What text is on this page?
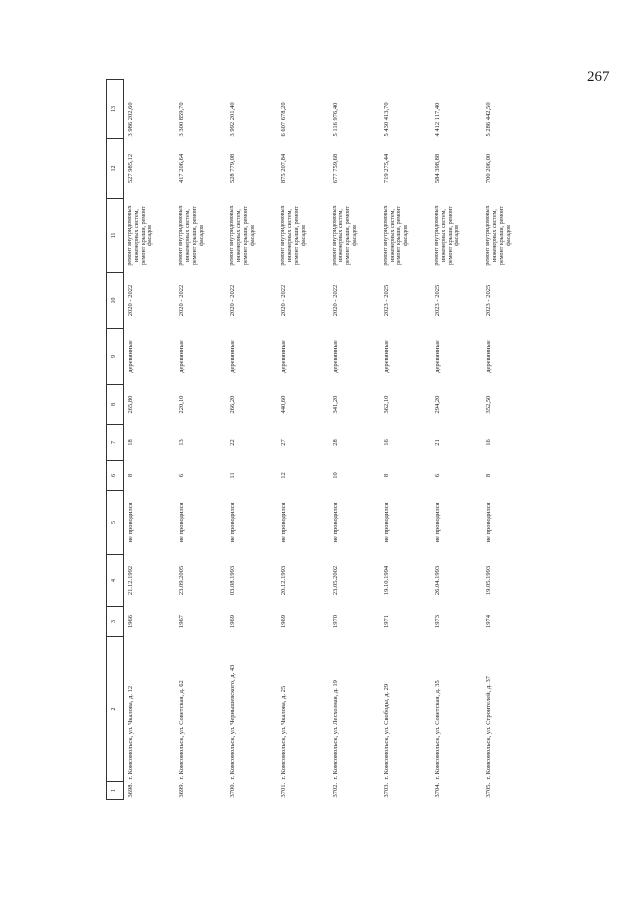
267
1	2	3	4	5	6	7	8	9	10	11	12	13
3698.	г. Комсомольск, ул. Чкалова, д. 12	1966	21.12.1992	не проводился	8	18	265,80	деревянные	2020 - 2022	ремонт внутридомовых инженерных систем, ремонт крыши, ремонт фасадов	527 985,12	3 986 202,60
3699.	г. Комсомольск, ул. Советская, д. 62	1967	23.09.2005	не проводился	6	13	220,10	деревянные	2020 - 2022	ремонт внутридомовых инженерных систем, ремонт крыши, ремонт фасадов	417 206,64	3 300 859,70
3700.	г. Комсомольск, ул. Чернышевского, д. 43	1969	03.08.1993	не проводился	11	22	266,20	деревянные	2020 - 2022	ремонт внутридомовых инженерных систем, ремонт крыши, ремонт фасадов	528 779,08	3 992 201,40
3701.	г. Комсомольск, ул. Чкалова, д. 25	1969	20.12.1993	не проводился	12	27	440,60	деревянные	2020 - 2022	ремонт внутридомовых инженерных систем, ремонт крыши, ремонт фасадов	875 207,84	6 607 678,20
3702.	г. Комсомольск, ул. Лесхозная, д. 19	1970	23.05.2002	не проводился	10	28	341,20	деревянные	2020 - 2022	ремонт внутридомовых инженерных систем, ремонт крыши, ремонт фасадов	677 759,68	5 116 976,40
3703.	г. Комсомольск, ул. Свободы, д. 29	1971	19.10.1994	не проводился	8	16	362,10	деревянные	2023 - 2025	ремонт внутридомовых инженерных систем, ремонт крыши, ремонт фасадов	719 275,44	5 430 413,70
3704.	г. Комсомольск, ул. Советская, д. 35	1973	26.04.1993	не проводился	6	21	294,20	деревянные	2023 - 2025	ремонт внутридомовых инженерных систем, ремонт крыши, ремонт фасадов	584 398,88	4 412 117,40
3705.	г. Комсомольск, ул. Строителей, д. 37	1974	19.05.1993	не проводился	8	16	352,50	деревянные	2023 - 2025	ремонт внутридомовых инженерных систем, ремонт крыши, ремонт фасадов	700 206,00	5 286 442,50
